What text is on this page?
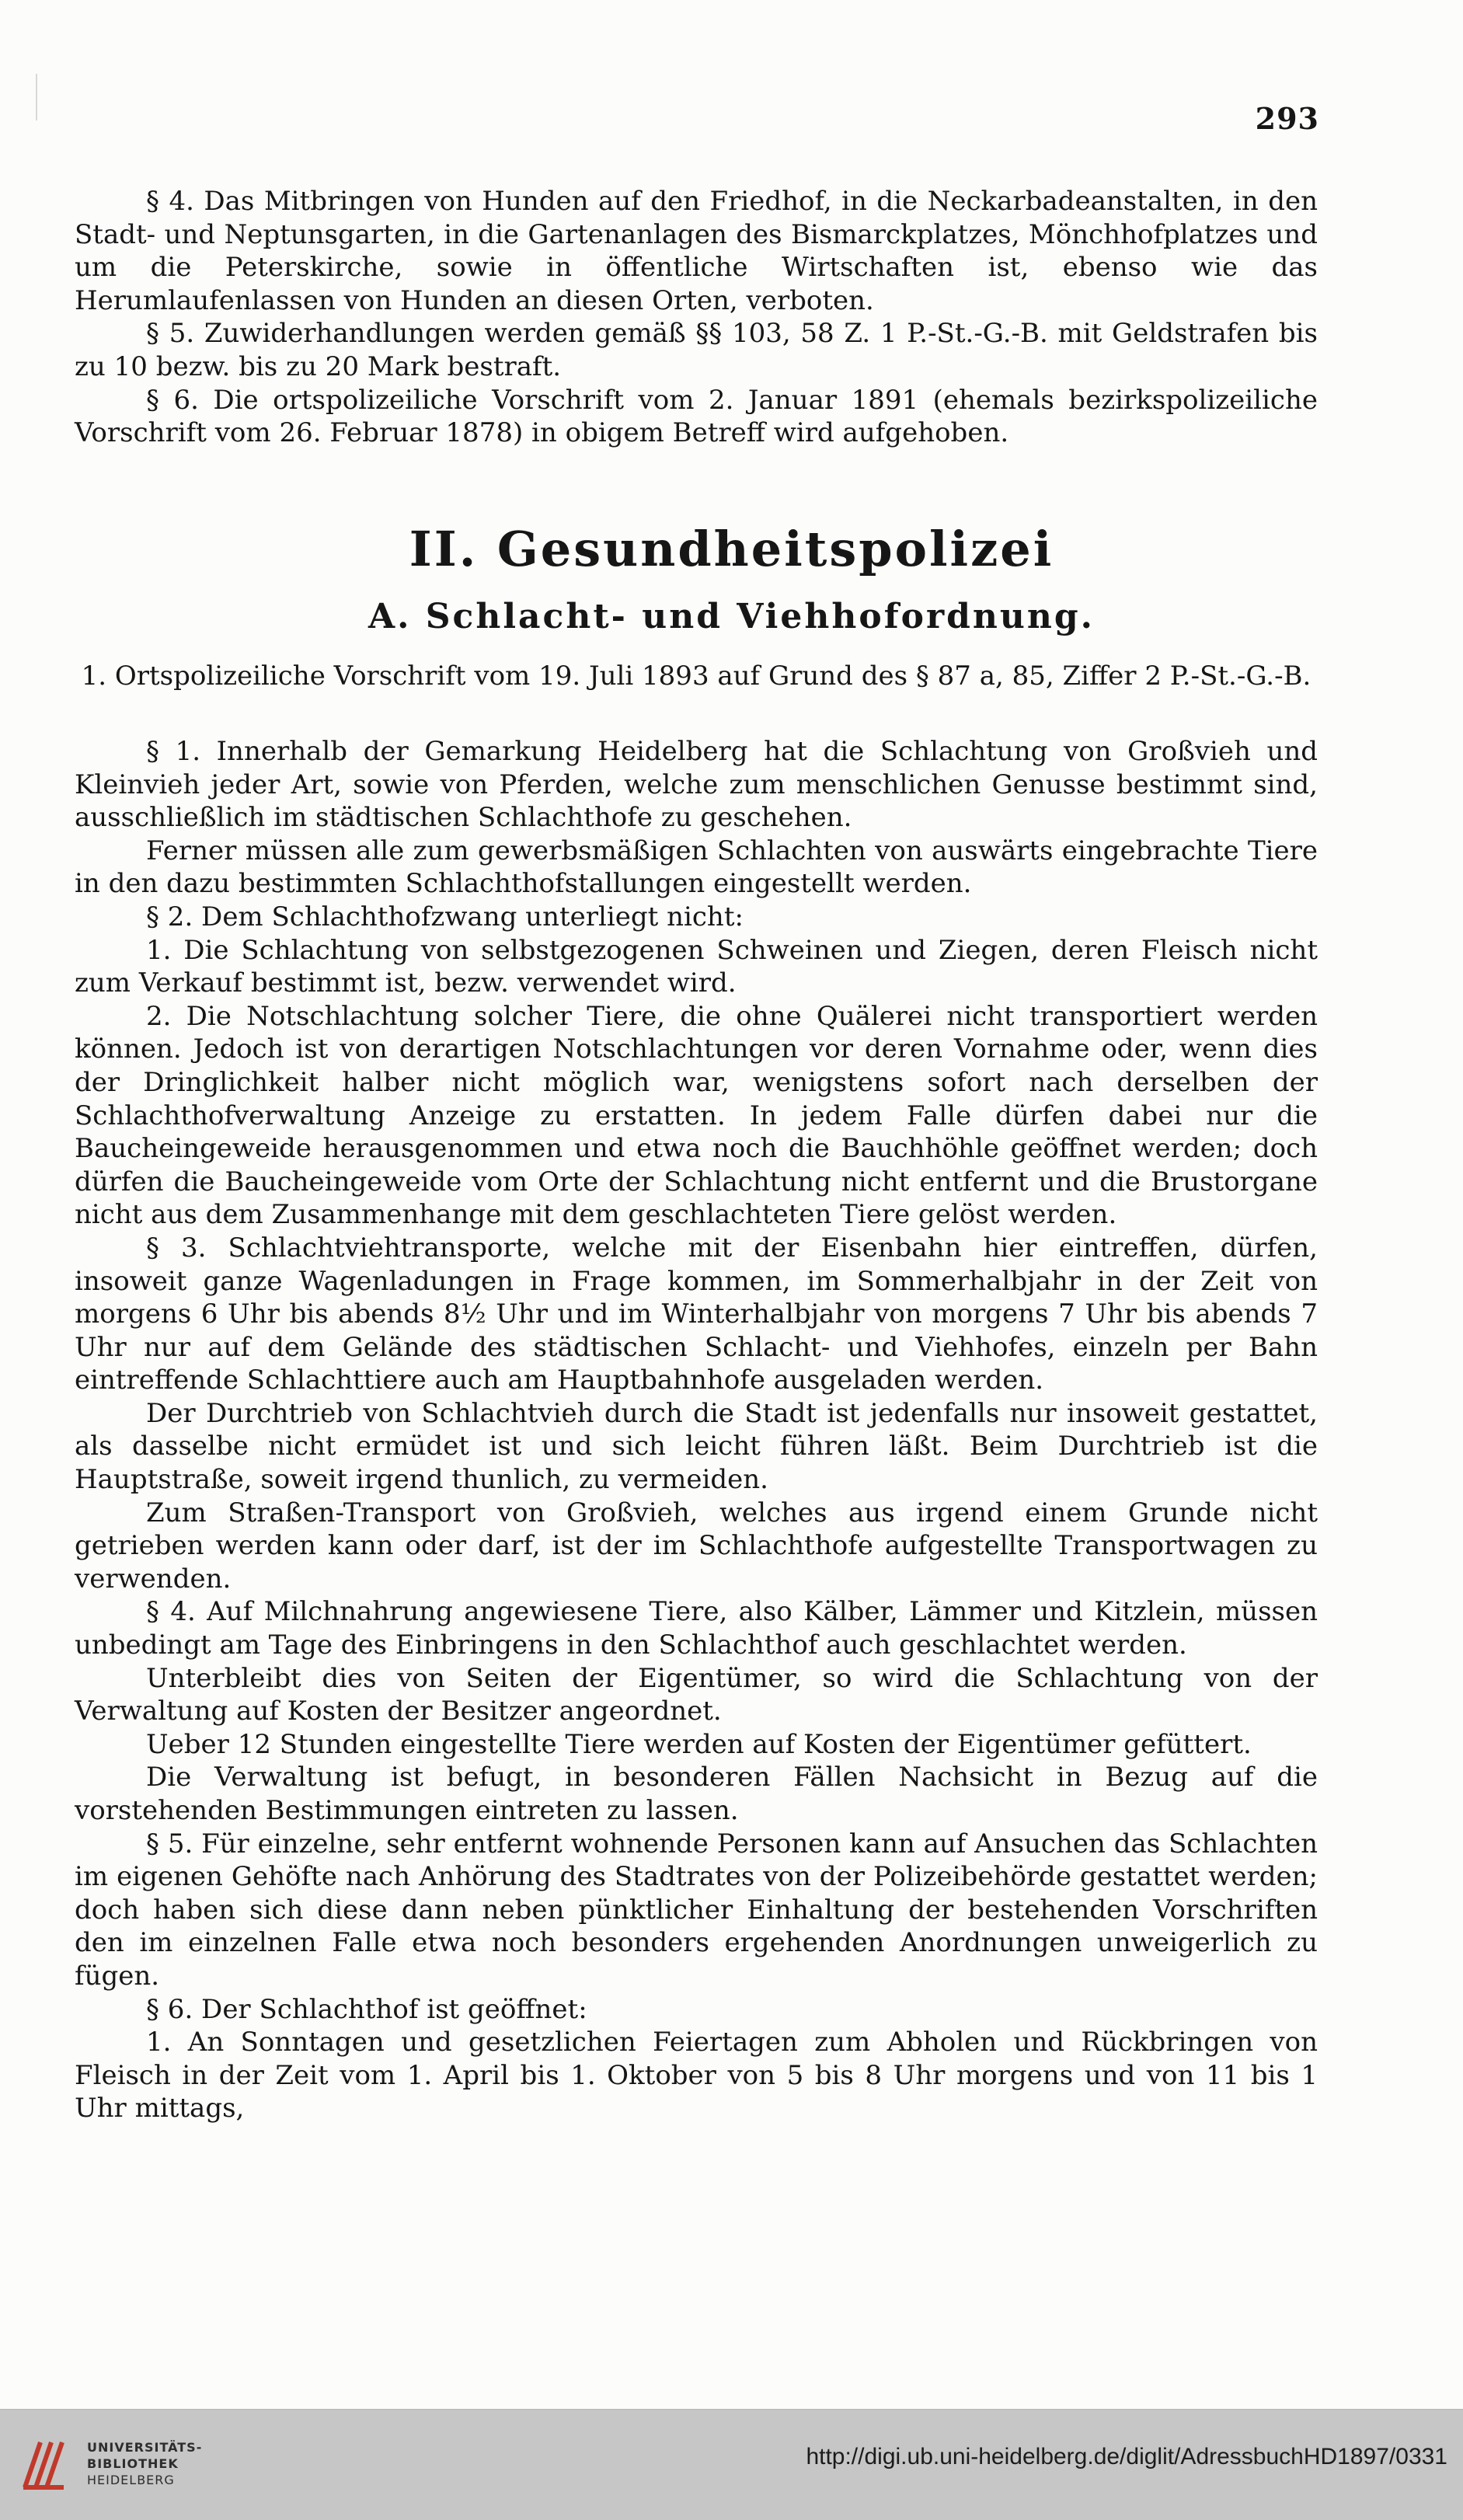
293

§ 4. Das Mitbringen von Hunden auf den Friedhof, in die Neckarbadeanstalten, in den Stadt- und Neptunsgarten, in die Gartenanlagen des Bismarckplatzes, Mönchhofplatzes und um die Peterskirche, sowie in öffentliche Wirtschaften ist, ebenso wie das Herumlaufenlassen von Hunden an diesen Orten, verboten.

§ 5. Zuwiderhandlungen werden gemäß §§ 103, 58 Z. 1 P.-St.-G.-B. mit Geldstrafen bis zu 10 bezw. bis zu 20 Mark bestraft.

§ 6. Die ortspolizeiliche Vorschrift vom 2. Januar 1891 (ehemals bezirkspolizeiliche Vorschrift vom 26. Februar 1878) in obigem Betreff wird aufgehoben.

II. Gesundheitspolizei
A. Schlacht- und Viehhofordnung.
1. Ortspolizeiliche Vorschrift vom 19. Juli 1893 auf Grund des § 87 a, 85, Ziffer 2 P.-St.-G.-B.

§ 1. Innerhalb der Gemarkung Heidelberg hat die Schlachtung von Großvieh und Kleinvieh jeder Art, sowie von Pferden, welche zum menschlichen Genusse bestimmt sind, ausschließlich im städtischen Schlachthofe zu geschehen.

Ferner müssen alle zum gewerbsmäßigen Schlachten von auswärts eingebrachte Tiere in den dazu bestimmten Schlachthofstallungen eingestellt werden.

§ 2. Dem Schlachthofzwang unterliegt nicht:

1. Die Schlachtung von selbstgezogenen Schweinen und Ziegen, deren Fleisch nicht zum Verkauf bestimmt ist, bezw. verwendet wird.

2. Die Notschlachtung solcher Tiere, die ohne Quälerei nicht transportiert werden können. Jedoch ist von derartigen Notschlachtungen vor deren Vornahme oder, wenn dies der Dringlichkeit halber nicht möglich war, wenigstens sofort nach derselben der Schlachthofverwaltung Anzeige zu erstatten. In jedem Falle dürfen dabei nur die Baucheingeweide herausgenommen und etwa noch die Bauchhöhle geöffnet werden; doch dürfen die Baucheingeweide vom Orte der Schlachtung nicht entfernt und die Brustorgane nicht aus dem Zusammenhange mit dem geschlachteten Tiere gelöst werden.

§ 3. Schlachtviehtransporte, welche mit der Eisenbahn hier eintreffen, dürfen, insoweit ganze Wagenladungen in Frage kommen, im Sommerhalbjahr in der Zeit von morgens 6 Uhr bis abends 8½ Uhr und im Winterhalbjahr von morgens 7 Uhr bis abends 7 Uhr nur auf dem Gelände des städtischen Schlacht- und Viehhofes, einzeln per Bahn eintreffende Schlachttiere auch am Hauptbahnhofe ausgeladen werden.

Der Durchtrieb von Schlachtvieh durch die Stadt ist jedenfalls nur insoweit gestattet, als dasselbe nicht ermüdet ist und sich leicht führen läßt. Beim Durchtrieb ist die Hauptstraße, soweit irgend thunlich, zu vermeiden.

Zum Straßen-Transport von Großvieh, welches aus irgend einem Grunde nicht getrieben werden kann oder darf, ist der im Schlachthofe aufgestellte Transportwagen zu verwenden.

§ 4. Auf Milchnahrung angewiesene Tiere, also Kälber, Lämmer und Kitzlein, müssen unbedingt am Tage des Einbringens in den Schlachthof auch geschlachtet werden.

Unterbleibt dies von Seiten der Eigentümer, so wird die Schlachtung von der Verwaltung auf Kosten der Besitzer angeordnet.

Ueber 12 Stunden eingestellte Tiere werden auf Kosten der Eigentümer gefüttert.

Die Verwaltung ist befugt, in besonderen Fällen Nachsicht in Bezug auf die vorstehenden Bestimmungen eintreten zu lassen.

§ 5. Für einzelne, sehr entfernt wohnende Personen kann auf Ansuchen das Schlachten im eigenen Gehöfte nach Anhörung des Stadtrates von der Polizeibehörde gestattet werden; doch haben sich diese dann neben pünktlicher Einhaltung der bestehenden Vorschriften den im einzelnen Falle etwa noch besonders ergehenden Anordnungen unweigerlich zu fügen.

§ 6. Der Schlachthof ist geöffnet:

1. An Sonntagen und gesetzlichen Feiertagen zum Abholen und Rückbringen von Fleisch in der Zeit vom 1. April bis 1. Oktober von 5 bis 8 Uhr morgens und von 11 bis 1 Uhr mittags,

UNIVERSITÄTS-
BIBLIOTHEK
HEIDELBERG
http://digi.ub.uni-heidelberg.de/diglit/AdressbuchHD1897/0331
